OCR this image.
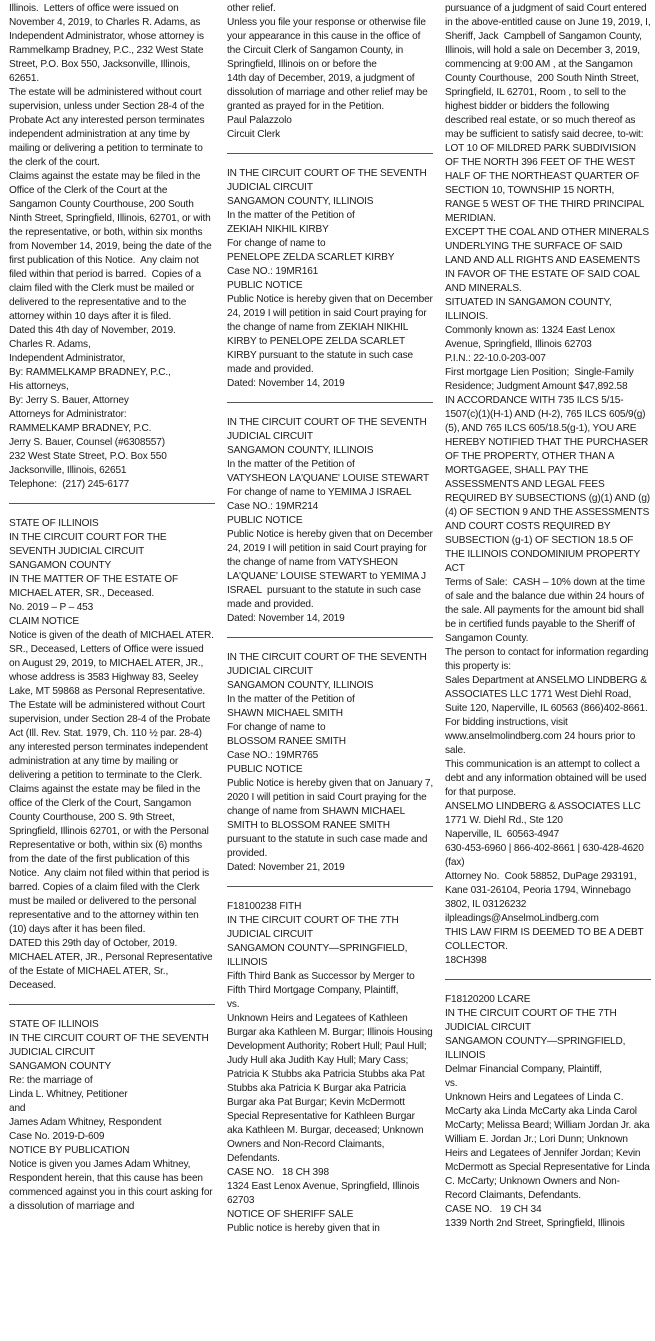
Illinois.  Letters of office were issued on November 4, 2019, to Charles R. Adams, as Independent Administrator, whose attorney is Rammelkamp Bradney, P.C., 232 West State Street, P.O. Box 550, Jacksonville, Illinois, 62651.

The estate will be administered without court supervision, unless under Section 28-4 of the Probate Act any interested person terminates independent administration at any time by mailing or delivering a petition to terminate to the clerk of the court.

Claims against the estate may be filed in the Office of the Clerk of the Court at the Sangamon County Courthouse, 200 South Ninth Street, Springfield, Illinois, 62701, or with the representative, or both, within six months from November 14, 2019, being the date of the first publication of this Notice.  Any claim not filed within that period is barred.  Copies of a claim filed with the Clerk must be mailed or delivered to the representative and to the attorney within 10 days after it is filed.

Dated this 4th day of November, 2019.

Charles R. Adams,

Independent Administrator,

By: RAMMELKAMP BRADNEY, P.C.,

His attorneys,

By: Jerry S. Bauer, Attorney

Attorneys for Administrator:

RAMMELKAMP BRADNEY, P.C.

Jerry S. Bauer, Counsel (#6308557)

232 West State Street, P.O. Box 550

Jacksonville, Illinois, 62651

Telephone:  (217) 245-6177

STATE OF ILLINOIS

IN THE CIRCUIT COURT FOR THE SEVENTH JUDICIAL CIRCUIT

SANGAMON COUNTY

IN THE MATTER OF THE ESTATE OF MICHAEL ATER, SR., Deceased.

No. 2019 – P – 453

CLAIM NOTICE

Notice is given of the death of MICHAEL ATER. SR., Deceased, Letters of Office were issued on August 29, 2019, to MICHAEL ATER, JR., whose address is 3583 Highway 83, Seeley Lake, MT 59868 as Personal Representative.

The Estate will be administered without Court supervision, under Section 28-4 of the Probate Act (Ill. Rev. Stat. 1979, Ch. 110 ½ par. 28-4) any interested person terminates independent administration at any time by mailing or delivering a petition to terminate to the Clerk.

Claims against the estate may be filed in the office of the Clerk of the Court, Sangamon County Courthouse, 200 S. 9th Street, Springfield, Illinois 62701, or with the Personal Representative or both, within six (6) months from the date of the first publication of this Notice.  Any claim not filed within that period is barred. Copies of a claim filed with the Clerk must be mailed or delivered to the personal representative and to the attorney within ten (10) days after it has been filed.

DATED this 29th day of October, 2019.

MICHAEL ATER, JR., Personal Representative of the Estate of MICHAEL ATER, Sr., Deceased.

STATE OF ILLINOIS

IN THE CIRCUIT COURT OF THE SEVENTH JUDICIAL CIRCUIT

SANGAMON COUNTY

Re: the marriage of

Linda L. Whitney, Petitioner

and

James Adam Whitney, Respondent

Case No. 2019-D-609

NOTICE BY PUBLICATION

Notice is given you James Adam Whitney, Respondent herein, that this cause has been commenced against you in this court asking for a dissolution of marriage and

other relief.

Unless you file your response or otherwise file your appearance in this cause in the office of the Circuit Clerk of Sangamon County, in Springfield, Illinois on or before the

14th day of December, 2019, a judgment of dissolution of marriage and other relief may be granted as prayed for in the Petition.

Paul Palazzolo

Circuit Clerk

IN THE CIRCUIT COURT OF THE SEVENTH JUDICIAL CIRCUIT

SANGAMON COUNTY, ILLINOIS

In the matter of the Petition of

ZEKIAH NIKHIL KIRBY

For change of name to

PENELOPE ZELDA SCARLET KIRBY

Case NO.: 19MR161

PUBLIC NOTICE

Public Notice is hereby given that on December 24, 2019 I will petition in said Court praying for the change of name from ZEKIAH NIKHIL KIRBY to PENELOPE ZELDA SCARLET KIRBY pursuant to the statute in such case made and provided.

Dated: November 14, 2019

IN THE CIRCUIT COURT OF THE SEVENTH JUDICIAL CIRCUIT

SANGAMON COUNTY, ILLINOIS

In the matter of the Petition of

VATYSHEON LA'QUANE' LOUISE STEWART

For change of name to YEMIMA J ISRAEL

Case NO.: 19MR214

PUBLIC NOTICE

Public Notice is hereby given that on December 24, 2019 I will petition in said Court praying for the change of name from VATYSHEON LA'QUANE' LOUISE STEWART to YEMIMA J ISRAEL  pursuant to the statute in such case made and provided.

Dated: November 14, 2019

IN THE CIRCUIT COURT OF THE SEVENTH JUDICIAL CIRCUIT

SANGAMON COUNTY, ILLINOIS

In the matter of the Petition of

SHAWN MICHAEL SMITH

For change of name to

BLOSSOM RANEE SMITH

Case NO.: 19MR765

PUBLIC NOTICE

Public Notice is hereby given that on January 7, 2020 I will petition in said Court praying for the change of name from SHAWN MICHAEL SMITH to BLOSSOM RANEE SMITH  pursuant to the statute in such case made and provided.

Dated: November 21, 2019

F18100238 FITH

IN THE CIRCUIT COURT OF THE 7TH JUDICIAL CIRCUIT

SANGAMON COUNTY—SPRINGFIELD, ILLINOIS

Fifth Third Bank as Successor by Merger to Fifth Third Mortgage Company, Plaintiff,

vs.

Unknown Heirs and Legatees of Kathleen Burgar aka Kathleen M. Burgar; Illinois Housing Development Authority; Robert Hull; Paul Hull; Judy Hull aka Judith Kay Hull; Mary Cass; Patricia K Stubbs aka Patricia Stubbs aka Pat Stubbs aka Patricia K Burgar aka Patricia Burgar aka Pat Burgar; Kevin McDermott Special Representative for Kathleen Burgar aka Kathleen M. Burgar, deceased; Unknown Owners and Non-Record Claimants, Defendants.

CASE NO.   18 CH 398

1324 East Lenox Avenue, Springfield, Illinois 62703

NOTICE OF SHERIFF SALE

Public notice is hereby given that in

pursuance of a judgment of said Court entered in the above-entitled cause on June 19, 2019, I, Sheriff, Jack  Campbell of Sangamon County, Illinois, will hold a sale on December 3, 2019, commencing at 9:00 AM , at the Sangamon County Courthouse,  200 South Ninth Street, Springfield, IL 62701, Room , to sell to the highest bidder or bidders the following described real estate, or so much thereof as may be sufficient to satisfy said decree, to-wit:

LOT 10 OF MILDRED PARK SUBDIVISION OF THE NORTH 396 FEET OF THE WEST HALF OF THE NORTHEAST QUARTER OF SECTION 10, TOWNSHIP 15 NORTH, RANGE 5 WEST OF THE THIRD PRINCIPAL MERIDIAN.

EXCEPT THE COAL AND OTHER MINERALS UNDERLYING THE SURFACE OF SAID LAND AND ALL RIGHTS AND EASEMENTS IN FAVOR OF THE ESTATE OF SAID COAL AND MINERALS.

SITUATED IN SANGAMON COUNTY, ILLINOIS.

Commonly known as: 1324 East Lenox Avenue, Springfield, Illinois 62703

P.I.N.: 22-10.0-203-007

First mortgage Lien Position;  Single-Family Residence; Judgment Amount $47,892.58

IN ACCORDANCE WITH 735 ILCS 5/15-1507(c)(1)(H-1) AND (H-2), 765 ILCS 605/9(g)(5), AND 765 ILCS 605/18.5(g-1), YOU ARE HEREBY NOTIFIED THAT THE PURCHASER OF THE PROPERTY, OTHER THAN A MORTGAGEE, SHALL PAY THE ASSESSMENTS AND LEGAL FEES REQUIRED BY SUBSECTIONS (g)(1) AND (g)(4) OF SECTION 9 AND THE ASSESSMENTS AND COURT COSTS REQUIRED BY SUBSECTION (g-1) OF SECTION 18.5 OF THE ILLINOIS CONDOMINIUM PROPERTY ACT

Terms of Sale:  CASH – 10% down at the time of sale and the balance due within 24 hours of the sale. All payments for the amount bid shall be in certified funds payable to the Sheriff of Sangamon County.

The person to contact for information regarding this property is:

Sales Department at ANSELMO LINDBERG & ASSOCIATES LLC 1771 West Diehl Road, Suite 120, Naperville, IL 60563 (866)402-8661. For bidding instructions, visit www.anselmolindberg.com 24 hours prior to sale.

This communication is an attempt to collect a debt and any information obtained will be used for that purpose.

ANSELMO LINDBERG & ASSOCIATES LLC

1771 W. Diehl Rd., Ste 120

Naperville, IL  60563-4947

630-453-6960 | 866-402-8661 | 630-428-4620 (fax)

Attorney No.  Cook 58852, DuPage 293191, Kane 031-26104, Peoria 1794, Winnebago 3802, IL 03126232

ilpleadings@AnselmoLindberg.com

THIS LAW FIRM IS DEEMED TO BE A DEBT COLLECTOR.

18CH398

F18120200 LCARE

IN THE CIRCUIT COURT OF THE 7TH JUDICIAL CIRCUIT

SANGAMON COUNTY—SPRINGFIELD, ILLINOIS

Delmar Financial Company, Plaintiff,

vs.

Unknown Heirs and Legatees of Linda C. McCarty aka Linda McCarty aka Linda Carol McCarty; Melissa Beard; William Jordan Jr. aka William E. Jordan Jr.; Lori Dunn; Unknown Heirs and Legatees of Jennifer Jordan; Kevin McDermott as Special Representative for Linda C. McCarty; Unknown Owners and Non-Record Claimants, Defendants.

CASE NO.   19 CH 34

1339 North 2nd Street, Springfield, Illinois
